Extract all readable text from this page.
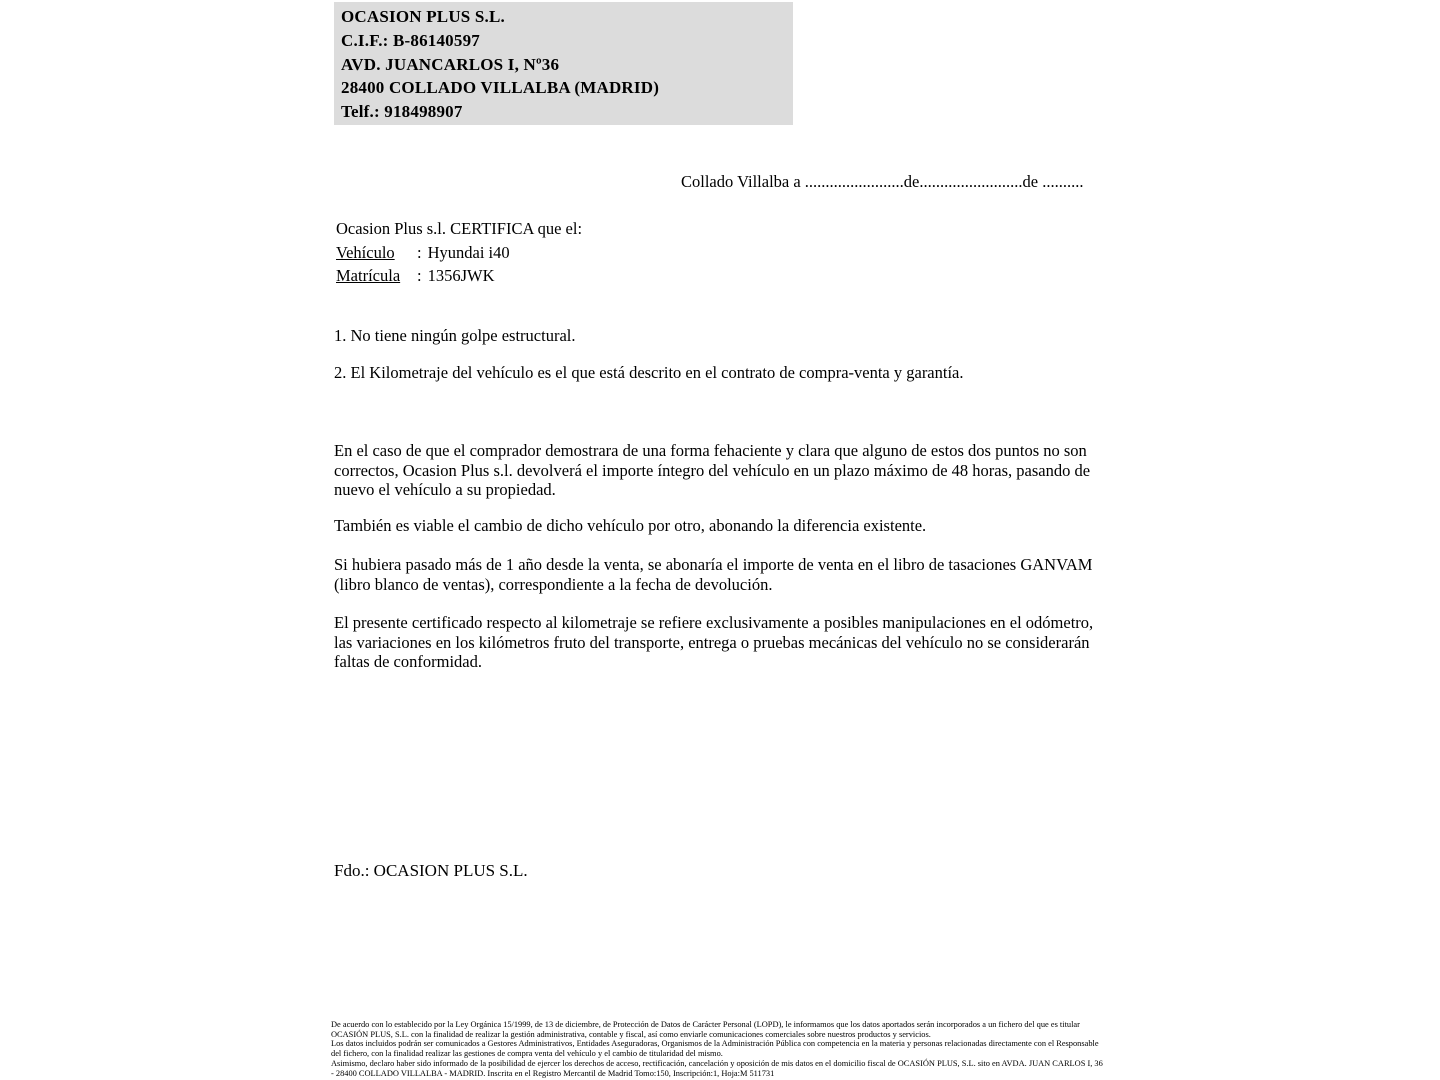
OCASION PLUS S.L.
C.I.F.: B-86140597
AVD. JUANCARLOS I, Nº36
28400 COLLADO VILLALBA (MADRID)
Telf.: 918498907
Collado Villalba a ........................de.........................de ..........
Ocasion Plus s.l. CERTIFICA que el:
Vehículo : Hyundai i40
Matrícula : 1356JWK

1. No tiene ningún golpe estructural.

2. El Kilometraje del vehículo es el que está descrito en el contrato de compra-venta y garantía.

En el caso de que el comprador demostrara de una forma fehaciente y clara que alguno de estos dos puntos no son correctos, Ocasion Plus s.l. devolverá el importe íntegro del vehículo en un plazo máximo de 48 horas, pasando de nuevo el vehículo a su propiedad.

También es viable el cambio de dicho vehículo por otro, abonando la diferencia existente.

Si hubiera pasado más de 1 año desde la venta, se abonaría el importe de venta en el libro de tasaciones GANVAM (libro blanco de ventas), correspondiente a la fecha de devolución.

El presente certificado respecto al kilometraje se refiere exclusivamente a posibles manipulaciones en el odómetro, las variaciones en los kilómetros fruto del transporte, entrega o pruebas mecánicas del vehículo no se considerarán faltas de conformidad.

Fdo.: OCASION PLUS S.L.

De acuerdo con lo establecido por la Ley Orgánica 15/1999, de 13 de diciembre, de Protección de Datos de Carácter Personal (LOPD), le informamos que los datos aportados serán incorporados a un fichero del que es titular OCASIÓN PLUS, S.L. con la finalidad de realizar la gestión administrativa, contable y fiscal, así como enviarle comunicaciones comerciales sobre nuestros productos y servicios.

Los datos incluidos podrán ser comunicados a Gestores Administrativos, Entidades Aseguradoras, Organismos de la Administración Pública con competencia en la materia y personas relacionadas directamente con el Responsable del fichero, con la finalidad realizar las gestiones de compra venta del vehículo y el cambio de titularidad del mismo.

Asimismo, declaro haber sido informado de la posibilidad de ejercer los derechos de acceso, rectificación, cancelación y oposición de mis datos en el domicilio fiscal de OCASIÓN PLUS, S.L. sito en AVDA. JUAN CARLOS I, 36 - 28400 COLLADO VILLALBA - MADRID. Inscrita en el Registro Mercantil de Madrid Tomo:150, Inscripción:1, Hoja:M 511731
